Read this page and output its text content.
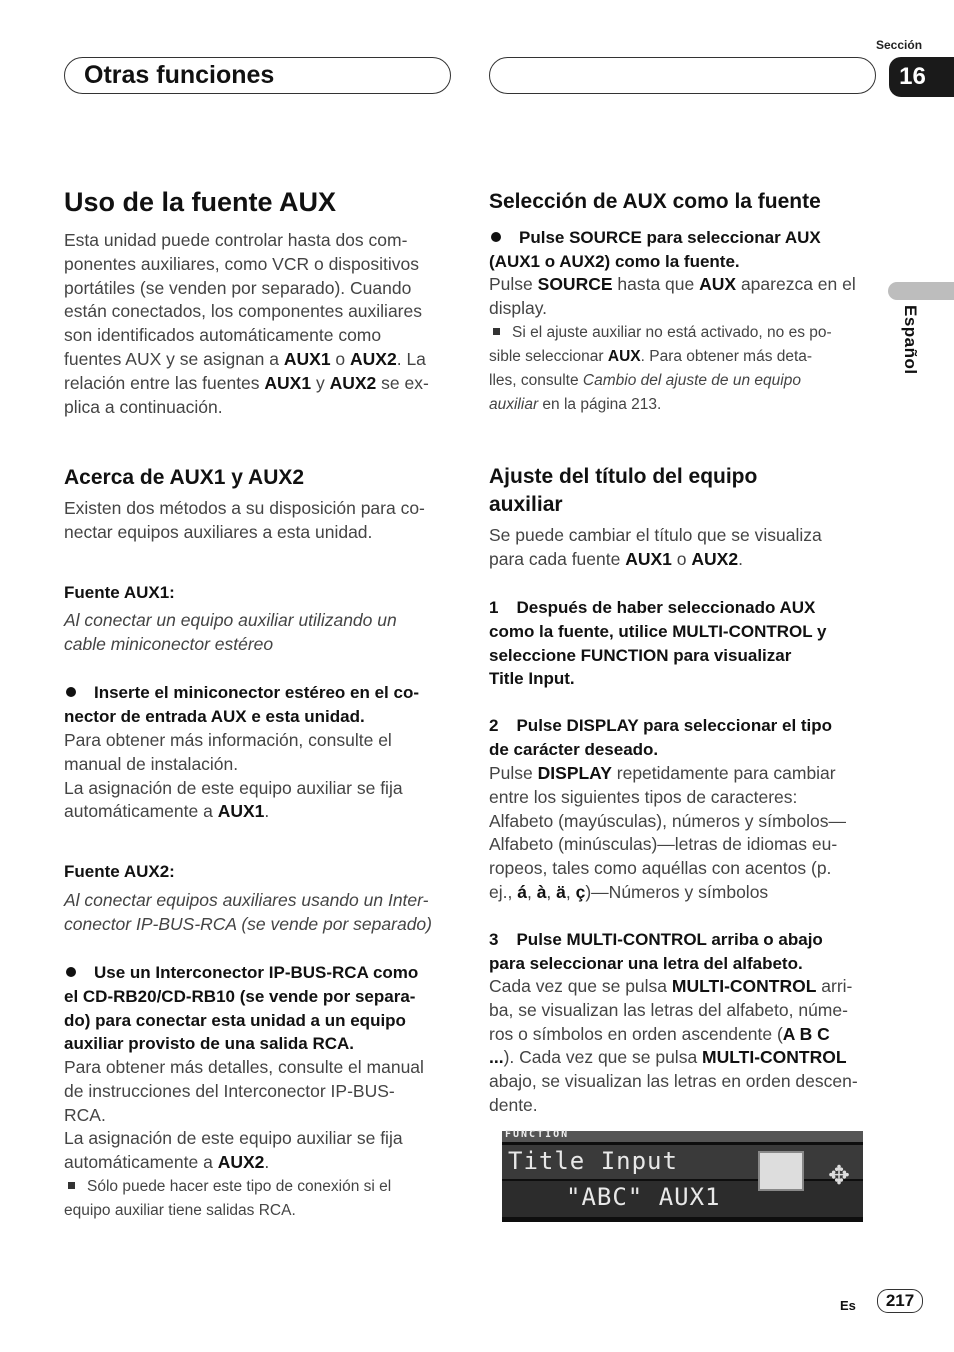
Otras funciones
Sección
16
Español
Uso de la fuente AUX

Esta unidad puede controlar hasta dos com-
ponentes auxiliares, como VCR o dispositivos
portátiles (se venden por separado). Cuando
están conectados, los componentes auxiliares
son identificados automáticamente como
fuentes AUX y se asignan a AUX1 o AUX2. La
relación entre las fuentes AUX1 y AUX2 se ex-
plica a continuación.

Acerca de AUX1 y AUX2

Existen dos métodos a su disposición para co-
nectar equipos auxiliares a esta unidad.

Fuente AUX1:

Al conectar un equipo auxiliar utilizando un
cable miniconector estéreo

Inserte el miniconector estéreo en el co-
nector de entrada AUX e esta unidad.

Para obtener más información, consulte el
manual de instalación.
La asignación de este equipo auxiliar se fija
automáticamente a AUX1.

Fuente AUX2:

Al conectar equipos auxiliares usando un Inter-
conector IP-BUS-RCA (se vende por separado)

Use un Interconector IP-BUS-RCA como
el CD-RB20/CD-RB10 (se vende por separa-
do) para conectar esta unidad a un equipo
auxiliar provisto de una salida RCA.

Para obtener más detalles, consulte el manual
de instrucciones del Interconector IP-BUS-
RCA.
La asignación de este equipo auxiliar se fija
automáticamente a AUX2.

Sólo puede hacer este tipo de conexión si el
equipo auxiliar tiene salidas RCA.

Selección de AUX como la fuente

Pulse SOURCE para seleccionar AUX
(AUX1 o AUX2) como la fuente.

Pulse SOURCE hasta que AUX aparezca en el
display.

Si el ajuste auxiliar no está activado, no es po-
sible seleccionar AUX. Para obtener más deta-
lles, consulte Cambio del ajuste de un equipo
auxiliar en la página 213.

Ajuste del título del equipo
auxiliar

Se puede cambiar el título que se visualiza
para cada fuente AUX1 o AUX2.

1 Después de haber seleccionado AUX
como la fuente, utilice MULTI-CONTROL y
seleccione FUNCTION para visualizar
Title Input.

2 Pulse DISPLAY para seleccionar el tipo
de carácter deseado.

Pulse DISPLAY repetidamente para cambiar
entre los siguientes tipos de caracteres:
Alfabeto (mayúsculas), números y símbolos—
Alfabeto (minúsculas)—letras de idiomas eu-
ropeos, tales como aquéllas con acentos (p.
ej., á, à, ä, ç)—Números y símbolos

3 Pulse MULTI-CONTROL arriba o abajo
para seleccionar una letra del alfabeto.

Cada vez que se pulsa MULTI-CONTROL arri-
ba, se visualizan las letras del alfabeto, núme-
ros o símbolos en orden ascendente (A B C
...). Cada vez que se pulsa MULTI-CONTROL
abajo, se visualizan las letras en orden descen-
dente.

FUNCTION
Title Input
"ABC" AUX1
✥
Es	217
